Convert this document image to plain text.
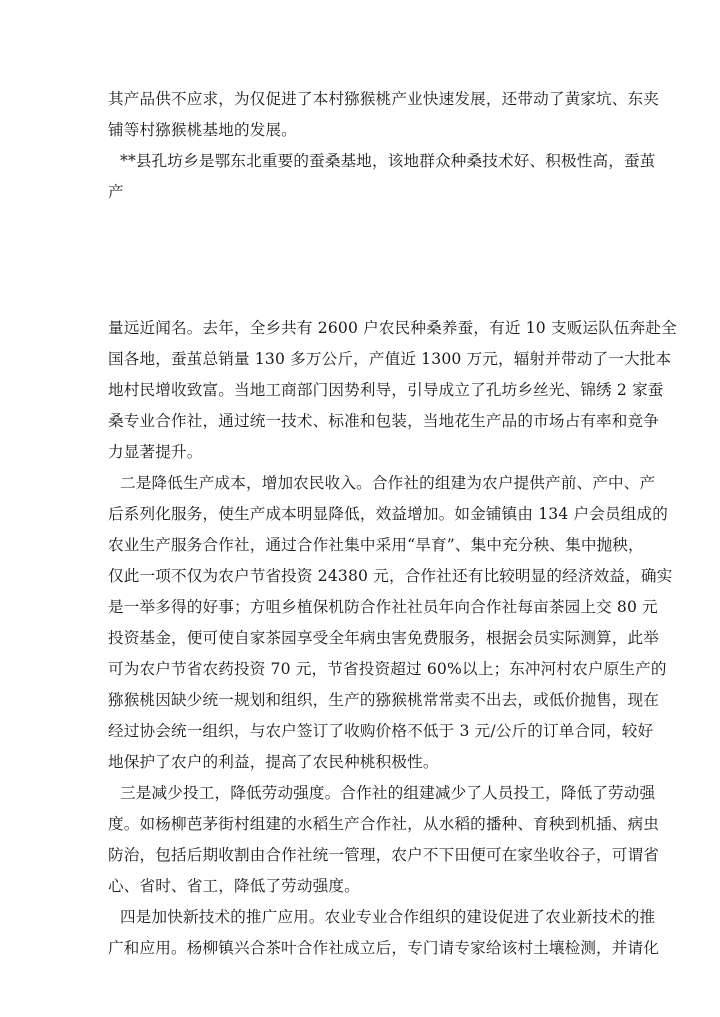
其产品供不应求，为仅促进了本村猕猴桃产业快速发展，还带动了黄家坑、东夹
铺等村猕猴桃基地的发展。
**县孔坊乡是鄂东北重要的蚕桑基地，该地群众种桑技术好、积极性高，蚕茧
产
量远近闻名。去年，全乡共有 2600 户农民种桑养蚕，有近 10 支贩运队伍奔赴全
国各地，蚕茧总销量 130 多万公斤，产值近 1300 万元，辐射并带动了一大批本
地村民增收致富。当地工商部门因势利导，引导成立了孔坊乡丝光、锦绣 2 家蚕
桑专业合作社，通过统一技术、标准和包装，当地花生产品的市场占有率和竞争
力显著提升。
二是降低生产成本，增加农民收入。合作社的组建为农户提供产前、产中、产
后系列化服务，使生产成本明显降低，效益增加。如金铺镇由 134 户会员组成的
农业生产服务合作社，通过合作社集中采用“旱育”、集中充分秧、集中抛秧，
仅此一项不仅为农户节省投资 24380 元，合作社还有比较明显的经济效益，确实
是一举多得的好事；方咀乡植保机防合作社社员年向合作社每亩茶园上交 80 元
投资基金，便可使自家茶园享受全年病虫害免费服务，根据会员实际测算，此举
可为农户节省农药投资 70 元，节省投资超过 60%以上；东冲河村农户原生产的
猕猴桃因缺少统一规划和组织，生产的猕猴桃常常卖不出去，或低价抛售，现在
经过协会统一组织，与农户签订了收购价格不低于 3 元/公斤的订单合同，较好
地保护了农户的利益，提高了农民种桃积极性。
三是减少投工，降低劳动强度。合作社的组建减少了人员投工，降低了劳动强
度。如杨柳芭茅街村组建的水稻生产合作社，从水稻的播种、育秧到机插、病虫
防治，包括后期收割由合作社统一管理，农户不下田便可在家坐收谷子，可谓省
心、省时、省工，降低了劳动强度。
四是加快新技术的推广应用。农业专业合作组织的建设促进了农业新技术的推
广和应用。杨柳镇兴合茶叶合作社成立后，专门请专家给该村土壤检测，并请化
